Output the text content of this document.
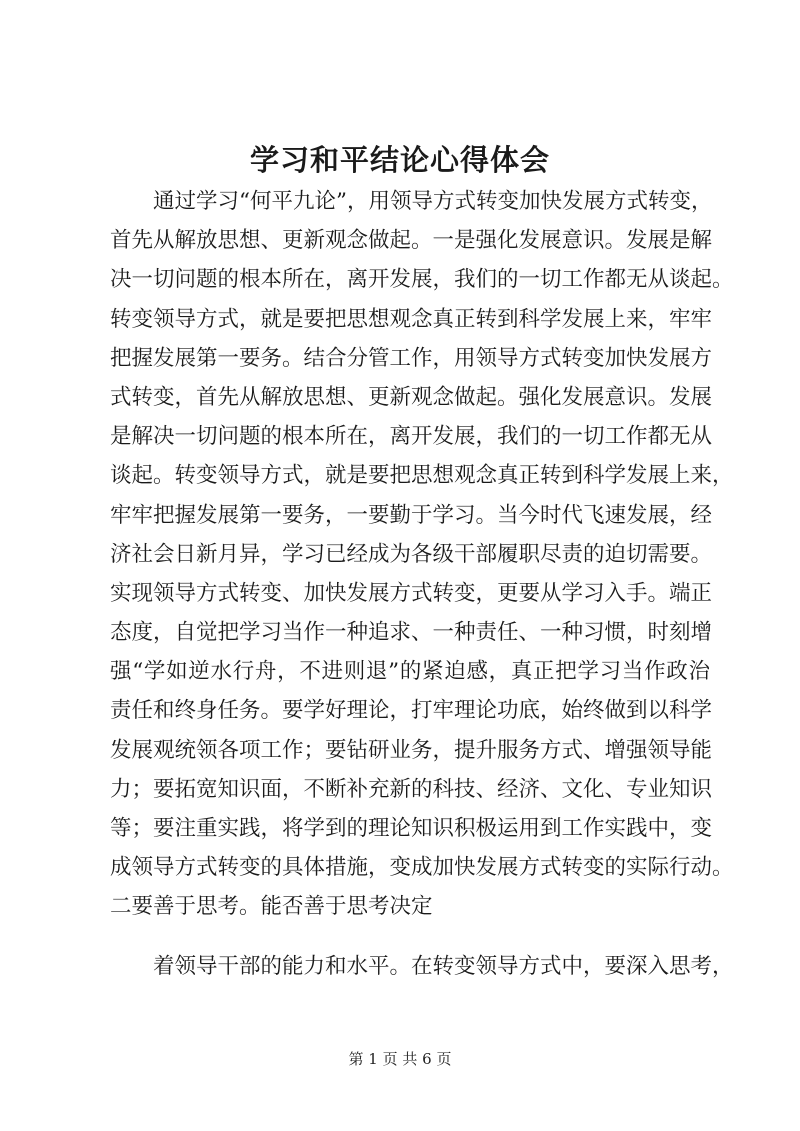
学习和平结论心得体会
　　通过学习“何平九论”，用领导方式转变加快发展方式转变，
首先从解放思想、更新观念做起。一是强化发展意识。发展是解
决一切问题的根本所在，离开发展，我们的一切工作都无从谈起。
转变领导方式，就是要把思想观念真正转到科学发展上来，牢牢
把握发展第一要务。结合分管工作，用领导方式转变加快发展方
式转变，首先从解放思想、更新观念做起。强化发展意识。发展
是解决一切问题的根本所在，离开发展，我们的一切工作都无从
谈起。转变领导方式，就是要把思想观念真正转到科学发展上来，
牢牢把握发展第一要务，一要勤于学习。当今时代飞速发展，经
济社会日新月异，学习已经成为各级干部履职尽责的迫切需要。
实现领导方式转变、加快发展方式转变，更要从学习入手。端正
态度，自觉把学习当作一种追求、一种责任、一种习惯，时刻增
强“学如逆水行舟，不进则退”的紧迫感，真正把学习当作政治
责任和终身任务。要学好理论，打牢理论功底，始终做到以科学
发展观统领各项工作；要钻研业务，提升服务方式、增强领导能
力；要拓宽知识面，不断补充新的科技、经济、文化、专业知识
等；要注重实践，将学到的理论知识积极运用到工作实践中，变
成领导方式转变的具体措施，变成加快发展方式转变的实际行动。
二要善于思考。能否善于思考决定
　　着领导干部的能力和水平。在转变领导方式中，要深入思考，
第 1 页 共 6 页
